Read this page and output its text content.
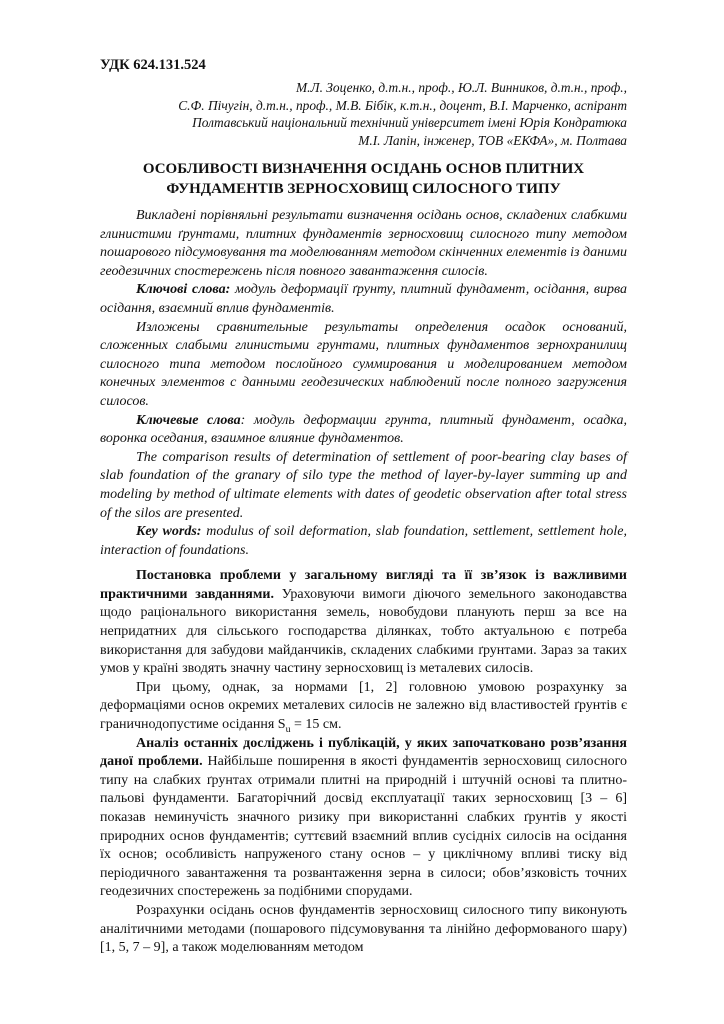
УДК 624.131.524

М.Л. Зоценко, д.т.н., проф., Ю.Л. Винников, д.т.н., проф.,
С.Ф. Пічугін, д.т.н., проф., М.В. Бібік, к.т.н., доцент, В.І. Марченко, аспірант
Полтавський національний технічний університет імені Юрія Кондратюка
М.І. Лапін, інженер, ТОВ «ЕКФА», м. Полтава
ОСОБЛИВОСТІ ВИЗНАЧЕННЯ ОСІДАНЬ ОСНОВ ПЛИТНИХ ФУНДАМЕНТІВ ЗЕРНОСХОВИЩ СИЛОСНОГО ТИПУ

Викладені порівняльні результати визначення осідань основ, складених слабкими глинистими ґрунтами, плитних фундаментів зерносховищ силосного типу методом пошарового підсумовування та моделюванням методом скінченних елементів із даними геодезичних спостережень після повного завантаження силосів.

Ключові слова: модуль деформації ґрунту, плитний фундамент, осідання, вирва осідання, взаємний вплив фундаментів.

Изложены сравнительные результаты определения осадок оснований, сложенных слабыми глинистыми грунтами, плитных фундаментов зернохранилищ силосного типа методом послойного суммирования и моделированием методом конечных элементов с данными геодезических наблюдений после полного загружения силосов.

Ключевые слова: модуль деформации грунта, плитный фундамент, осадка, воронка оседания, взаимное влияние фундаментов.

The comparison results of determination of settlement of poor-bearing clay bases of slab foundation of the granary of silo type the method of layer-by-layer summing up and modeling by method of ultimate elements with dates of geodetic observation after total stress of the silos are presented.

Key words: modulus of soil deformation, slab foundation, settlement, settlement hole, interaction of foundations.

Постановка проблеми у загальному вигляді та її зв’язок із важливими практичними завданнями. Ураховуючи вимоги діючого земельного законодавства щодо раціонального використання земель, новобудови планують перш за все на непридатних для сільського господарства ділянках, тобто актуальною є потреба використання для забудови майданчиків, складених слабкими ґрунтами. Зараз за таких умов у країні зводять значну частину зерносховищ із металевих силосів.

При цьому, однак, за нормами [1, 2] головною умовою розрахунку за деформаціями основ окремих металевих силосів не залежно від властивостей ґрунтів є граничнодопустиме осідання $S_u = 15$ см.

Аналіз останніх досліджень і публікацій, у яких започатковано розв’язання даної проблеми. Найбільше поширення в якості фундаментів зерносховищ силосного типу на слабких ґрунтах отримали плитні на природній і штучній основі та плитно-пальові фундаменти. Багаторічний досвід експлуатації таких зерносховищ [3 – 6] показав неминучість значного ризику при використаннi слабких ґрунтів у якості природних основ фундаментів; суттєвий взаємний вплив сусідніх силосів на осідання їх основ; особливість напруженого стану основ – у циклічному впливі тиску від періодичного завантаження та розвантаження зерна в силоси; обов’язковість точних геодезичних спостережень за подібними спорудами.

Розрахунки осідань основ фундаментів зерносховищ силосного типу виконують аналітичними методами (пошарового підсумовування та лінійно деформованого шару) [1, 5, 7 – 9], а також моделюванням методом
